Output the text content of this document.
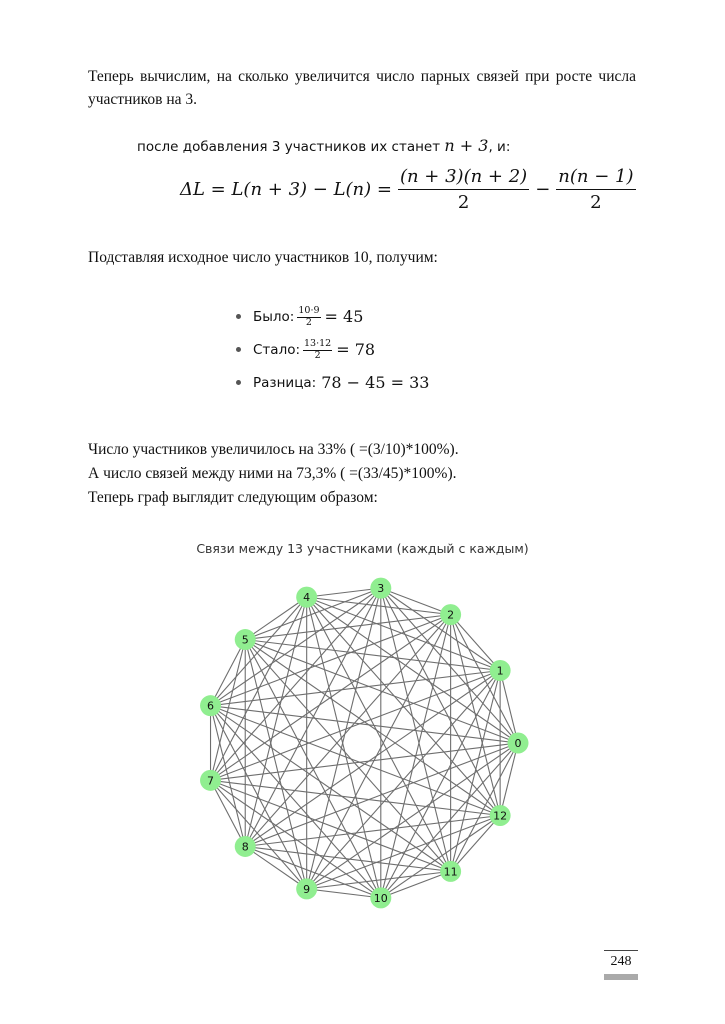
Теперь вычислим, на сколько увеличится число парных связей при росте числа участников на 3.
после добавления 3 участников их станет n + 3, и:
$\Delta L = L(n + 3) - L(n) = \frac{(n + 3)(n + 2)}{2} - \frac{n(n - 1)}{2}$
Подставляя исходное число участников 10, получим:
Было: $\frac{10\cdot 9}{2} = 45$
Стало: $\frac{13\cdot 12}{2} = 78$
Разница: 78 − 45 = 33
Число участников увеличилось на 33% ( =(3/10)*100%).
А число связей между ними на 73,3% ( =(33/45)*100%).
Теперь граф выглядит следующим образом:
Связи между 13 участниками (каждый с каждым)
0
1
2
3
4
5
6
7
8
9
10
11
12
248
